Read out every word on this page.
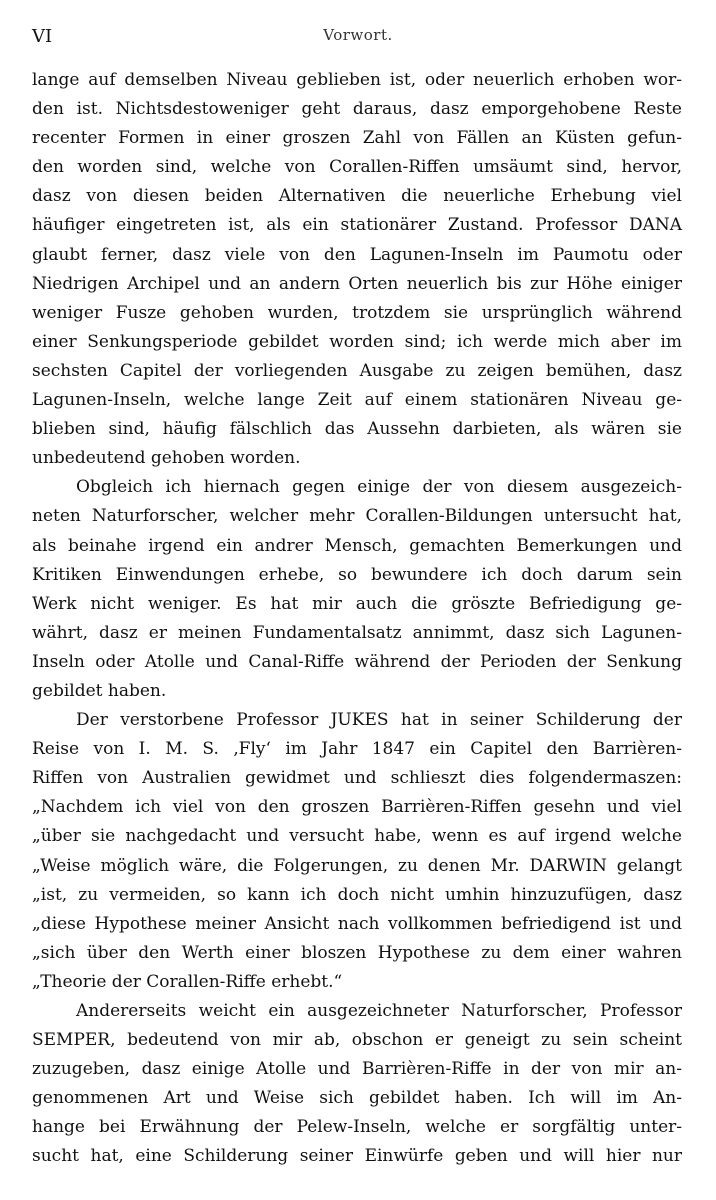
VI	Vorwort.
lange auf demselben Niveau geblieben ist, oder neuerlich erhoben wor-
den ist. Nichtsdestoweniger geht daraus, dasz emporgehobene Reste
recenter Formen in einer groszen Zahl von Fällen an Küsten gefun-
den worden sind, welche von Corallen-Riffen umsäumt sind, hervor,
dasz von diesen beiden Alternativen die neuerliche Erhebung viel
häufiger eingetreten ist, als ein stationärer Zustand. Professor DANA
glaubt ferner, dasz viele von den Lagunen-Inseln im Paumotu oder
Niedrigen Archipel und an andern Orten neuerlich bis zur Höhe einiger
weniger Fusze gehoben wurden, trotzdem sie ursprünglich während
einer Senkungsperiode gebildet worden sind; ich werde mich aber im
sechsten Capitel der vorliegenden Ausgabe zu zeigen bemühen, dasz
Lagunen-Inseln, welche lange Zeit auf einem stationären Niveau ge-
blieben sind, häufig fälschlich das Aussehn darbieten, als wären sie
unbedeutend gehoben worden.
Obgleich ich hiernach gegen einige der von diesem ausgezeich-
neten Naturforscher, welcher mehr Corallen-Bildungen untersucht hat,
als beinahe irgend ein andrer Mensch, gemachten Bemerkungen und
Kritiken Einwendungen erhebe, so bewundere ich doch darum sein
Werk nicht weniger. Es hat mir auch die gröszte Befriedigung ge-
währt, dasz er meinen Fundamentalsatz annimmt, dasz sich Lagunen-
Inseln oder Atolle und Canal-Riffe während der Perioden der Senkung
gebildet haben.
Der verstorbene Professor JUKES hat in seiner Schilderung der
Reise von I. M. S. ‚Fly‘ im Jahr 1847 ein Capitel den Barrièren-
Riffen von Australien gewidmet und schlieszt dies folgendermaszen:
„Nachdem ich viel von den groszen Barrièren-Riffen gesehn und viel
„über sie nachgedacht und versucht habe, wenn es auf irgend welche
„Weise möglich wäre, die Folgerungen, zu denen Mr. DARWIN gelangt
„ist, zu vermeiden, so kann ich doch nicht umhin hinzuzufügen, dasz
„diese Hypothese meiner Ansicht nach vollkommen befriedigend ist und
„sich über den Werth einer bloszen Hypothese zu dem einer wahren
„Theorie der Corallen-Riffe erhebt.“
Andererseits weicht ein ausgezeichneter Naturforscher, Professor
SEMPER, bedeutend von mir ab, obschon er geneigt zu sein scheint
zuzugeben, dasz einige Atolle und Barrièren-Riffe in der von mir an-
genommenen Art und Weise sich gebildet haben. Ich will im An-
hange bei Erwähnung der Pelew-Inseln, welche er sorgfältig unter-
sucht hat, eine Schilderung seiner Einwürfe geben und will hier nur
